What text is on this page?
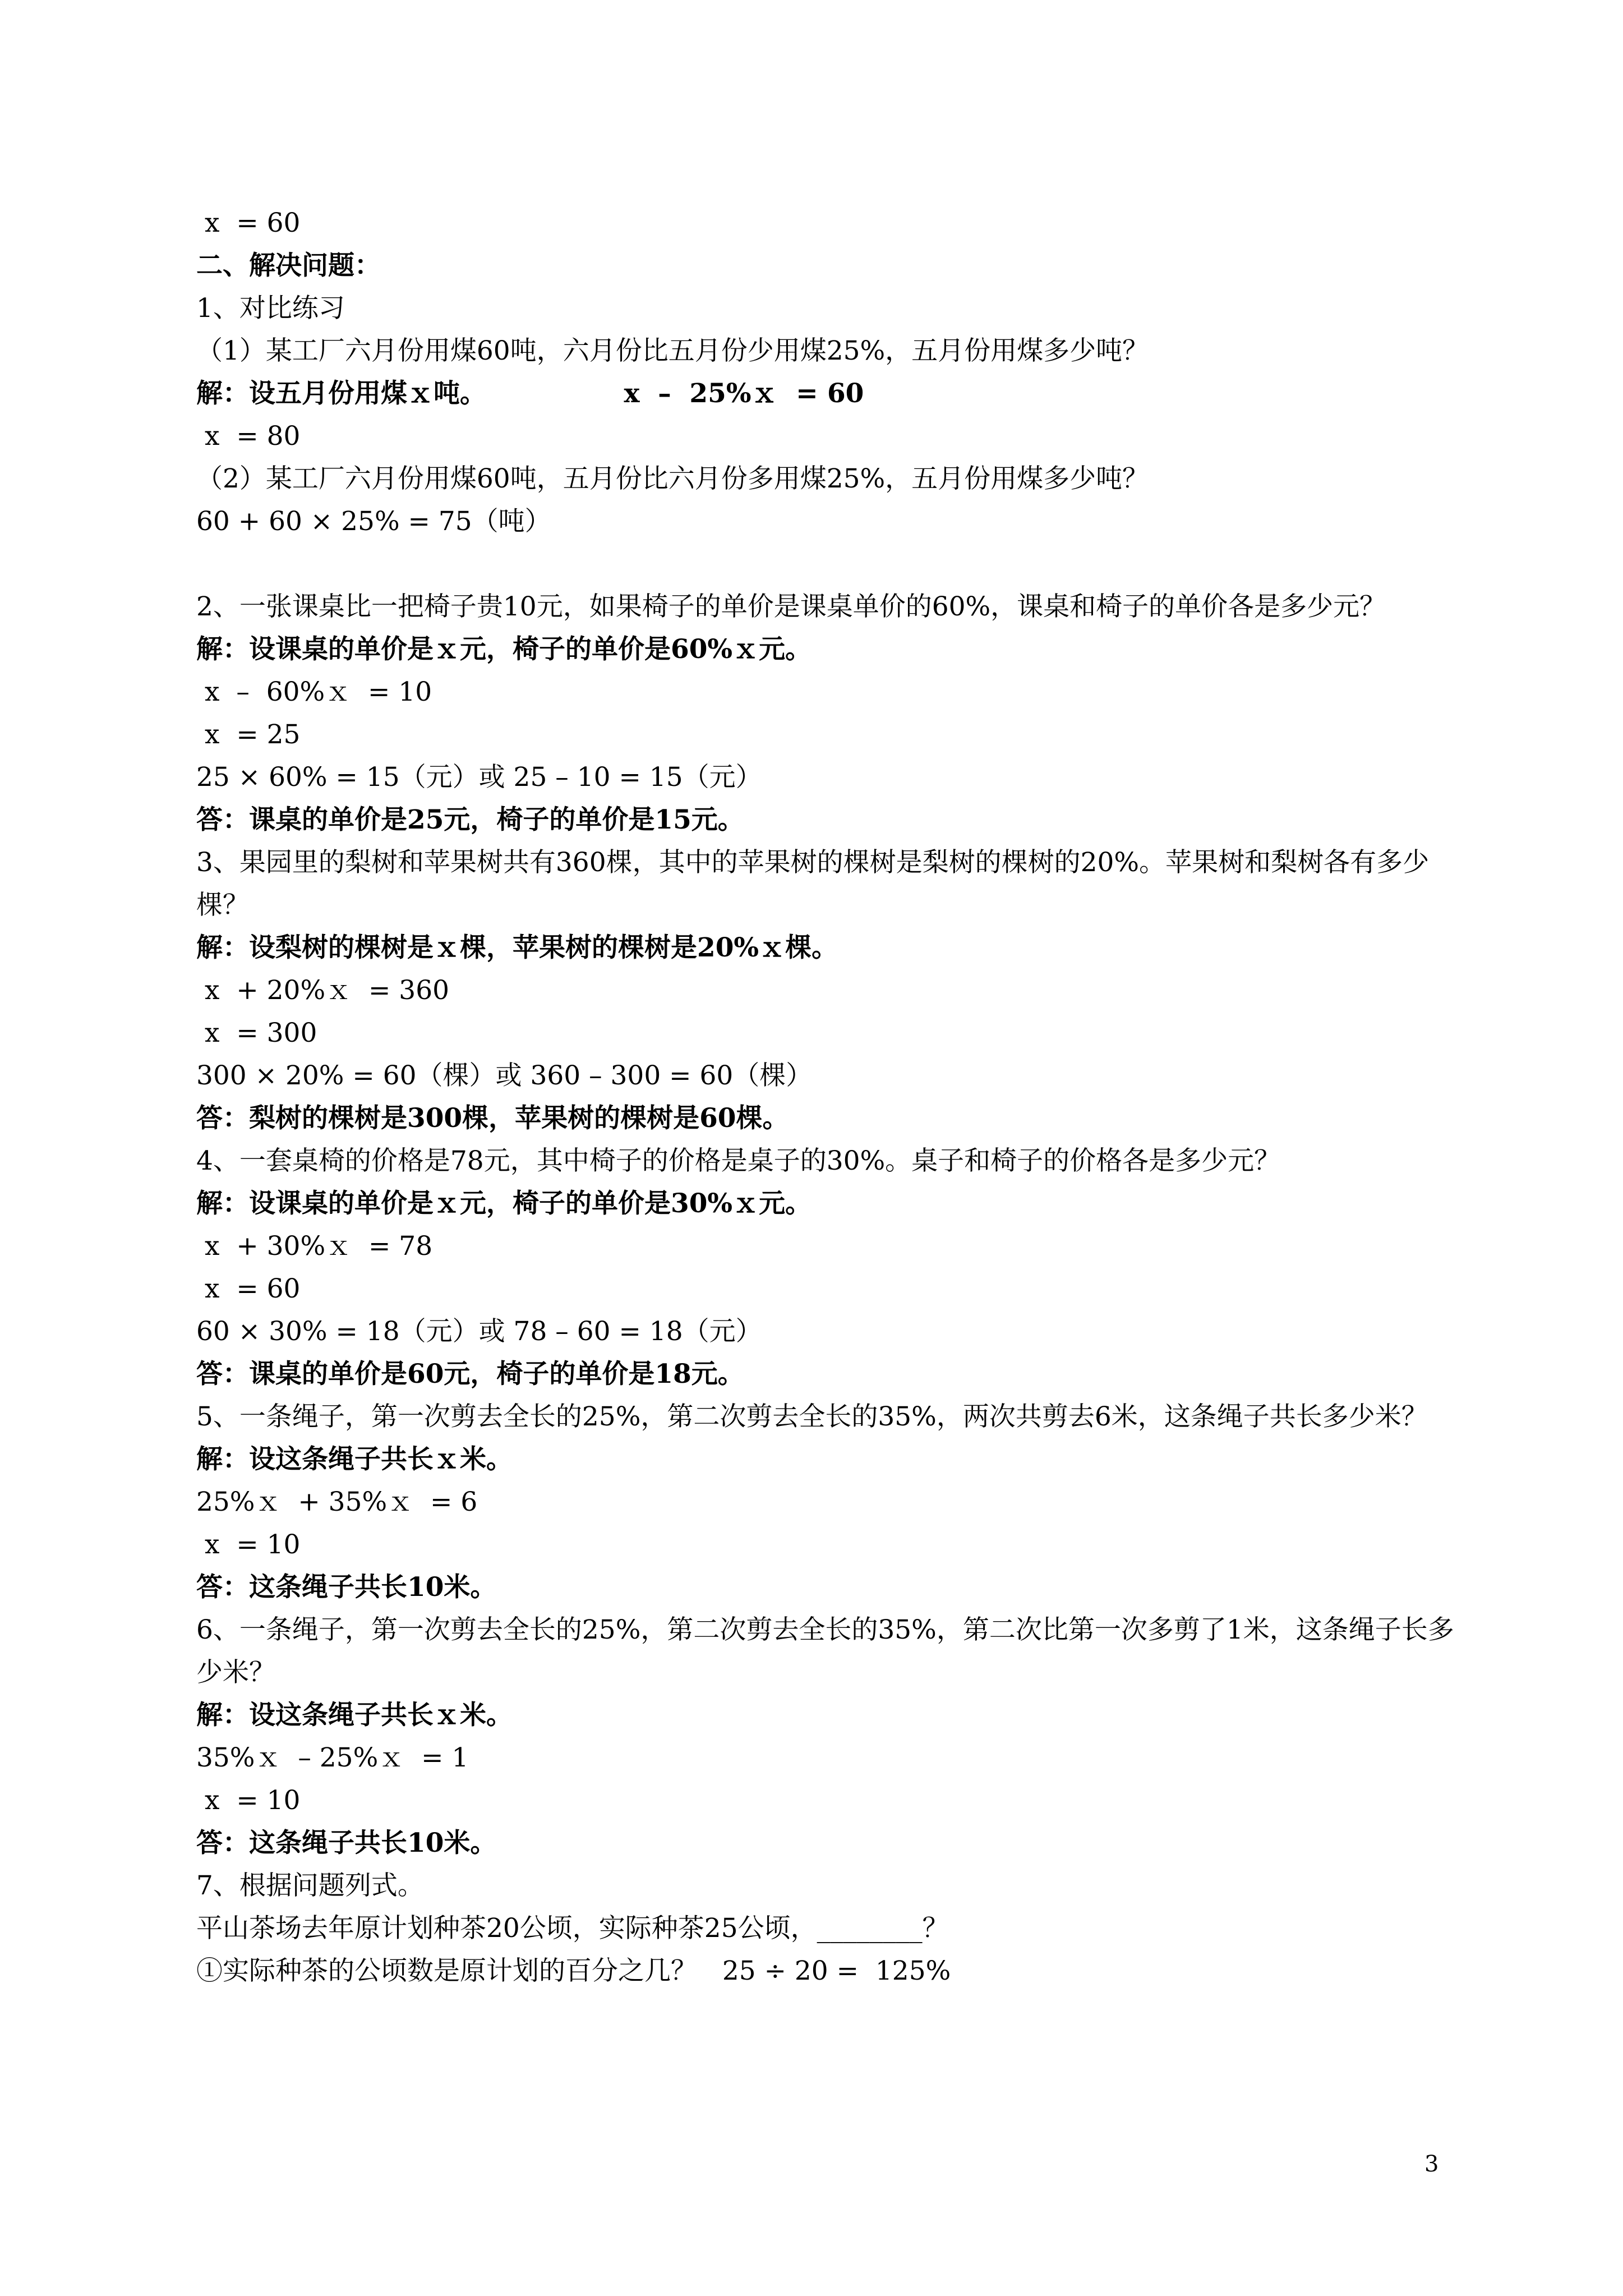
x  = 60
二、解决问题：
1、对比练习
（1）某工厂六月份用煤60吨，六月份比五月份少用煤25%，五月份用煤多少吨？
解：设五月份用煤ｘ吨。               x  –  25%ｘ  = 60
x  = 80
（2）某工厂六月份用煤60吨，五月份比六月份多用煤25%，五月份用煤多少吨？
60 + 60 × 25% = 75（吨）
2、一张课桌比一把椅子贵10元，如果椅子的单价是课桌单价的60%，课桌和椅子的单价各是多少元？
解：设课桌的单价是ｘ元，椅子的单价是60%ｘ元。
x  –  60%ｘ  = 10
x  = 25
25 × 60% = 15（元）或 25 – 10 = 15（元）
答：课桌的单价是25元，椅子的单价是15元。
3、果园里的梨树和苹果树共有360棵，其中的苹果树的棵树是梨树的棵树的20%。苹果树和梨树各有多少棵？
解：设梨树的棵树是ｘ棵，苹果树的棵树是20%ｘ棵。
x  + 20%ｘ  = 360
x  = 300
300 × 20% = 60（棵）或 360 – 300 = 60（棵）
答：梨树的棵树是300棵，苹果树的棵树是60棵。
4、一套桌椅的价格是78元，其中椅子的价格是桌子的30%。桌子和椅子的价格各是多少元？
解：设课桌的单价是ｘ元，椅子的单价是30%ｘ元。
x  + 30%ｘ  = 78
x  = 60
60 × 30% = 18（元）或 78 – 60 = 18（元）
答：课桌的单价是60元，椅子的单价是18元。
5、一条绳子，第一次剪去全长的25%，第二次剪去全长的35%，两次共剪去6米，这条绳子共长多少米？
解：设这条绳子共长ｘ米。
25%ｘ  + 35%ｘ  = 6
x  = 10
答：这条绳子共长10米。
6、一条绳子，第一次剪去全长的25%，第二次剪去全长的35%，第二次比第一次多剪了1米，这条绳子长多少米？
解：设这条绳子共长ｘ米。
35%ｘ  – 25%ｘ  = 1
x  = 10
答：这条绳子共长10米。
7、根据问题列式。
平山茶场去年原计划种茶20公顷，实际种茶25公顷，________？
①实际种茶的公顷数是原计划的百分之几？   25 ÷ 20 =  125%
3
